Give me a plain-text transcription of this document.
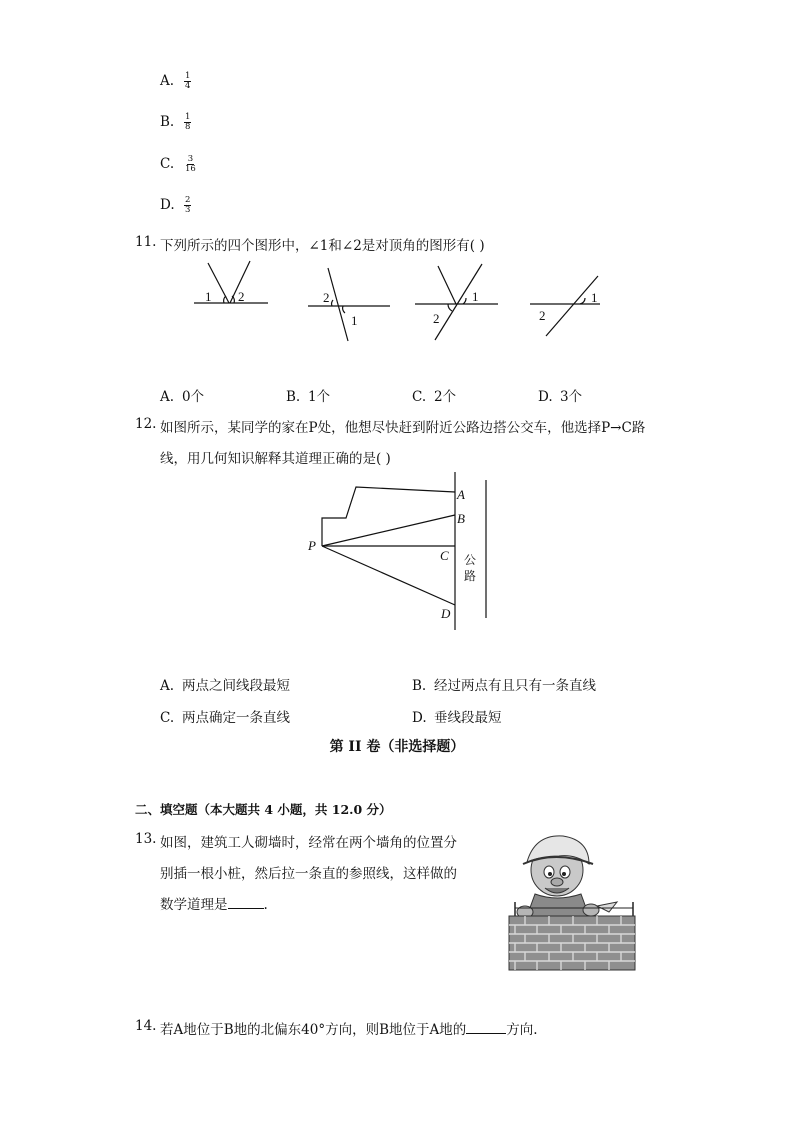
A. $\frac{1}{4}$
B. $\frac{1}{8}$
C. $\frac{3}{16}$
D. $\frac{2}{3}$
11. 下列所示的四个图形中，∠1和∠2是对顶角的图形有( )
1 2	2
1
1
2
1
2
A. 0个	B. 1个	C. 2个	D. 3个
12. 如图所示，某同学的家在P处，他想尽快赶到附近公路边搭公交车，他选择P→C路
线，用几何知识解释其道理正确的是( )
P
A
B
C
D
公
路
A. 两点之间线段最短	B. 经过两点有且只有一条直线
C. 两点确定一条直线	D. 垂线段最短
第 II 卷（非选择题）
二、填空题（本大题共 4 小题，共 12.0 分）
13. 如图，建筑工人砌墙时，经常在两个墙角的位置分
别插一根小桩，然后拉一条直的参照线，这样做的
数学道理是	.
14. 若A地位于B地的北偏东40°方向，则B地位于A地的	方向.
